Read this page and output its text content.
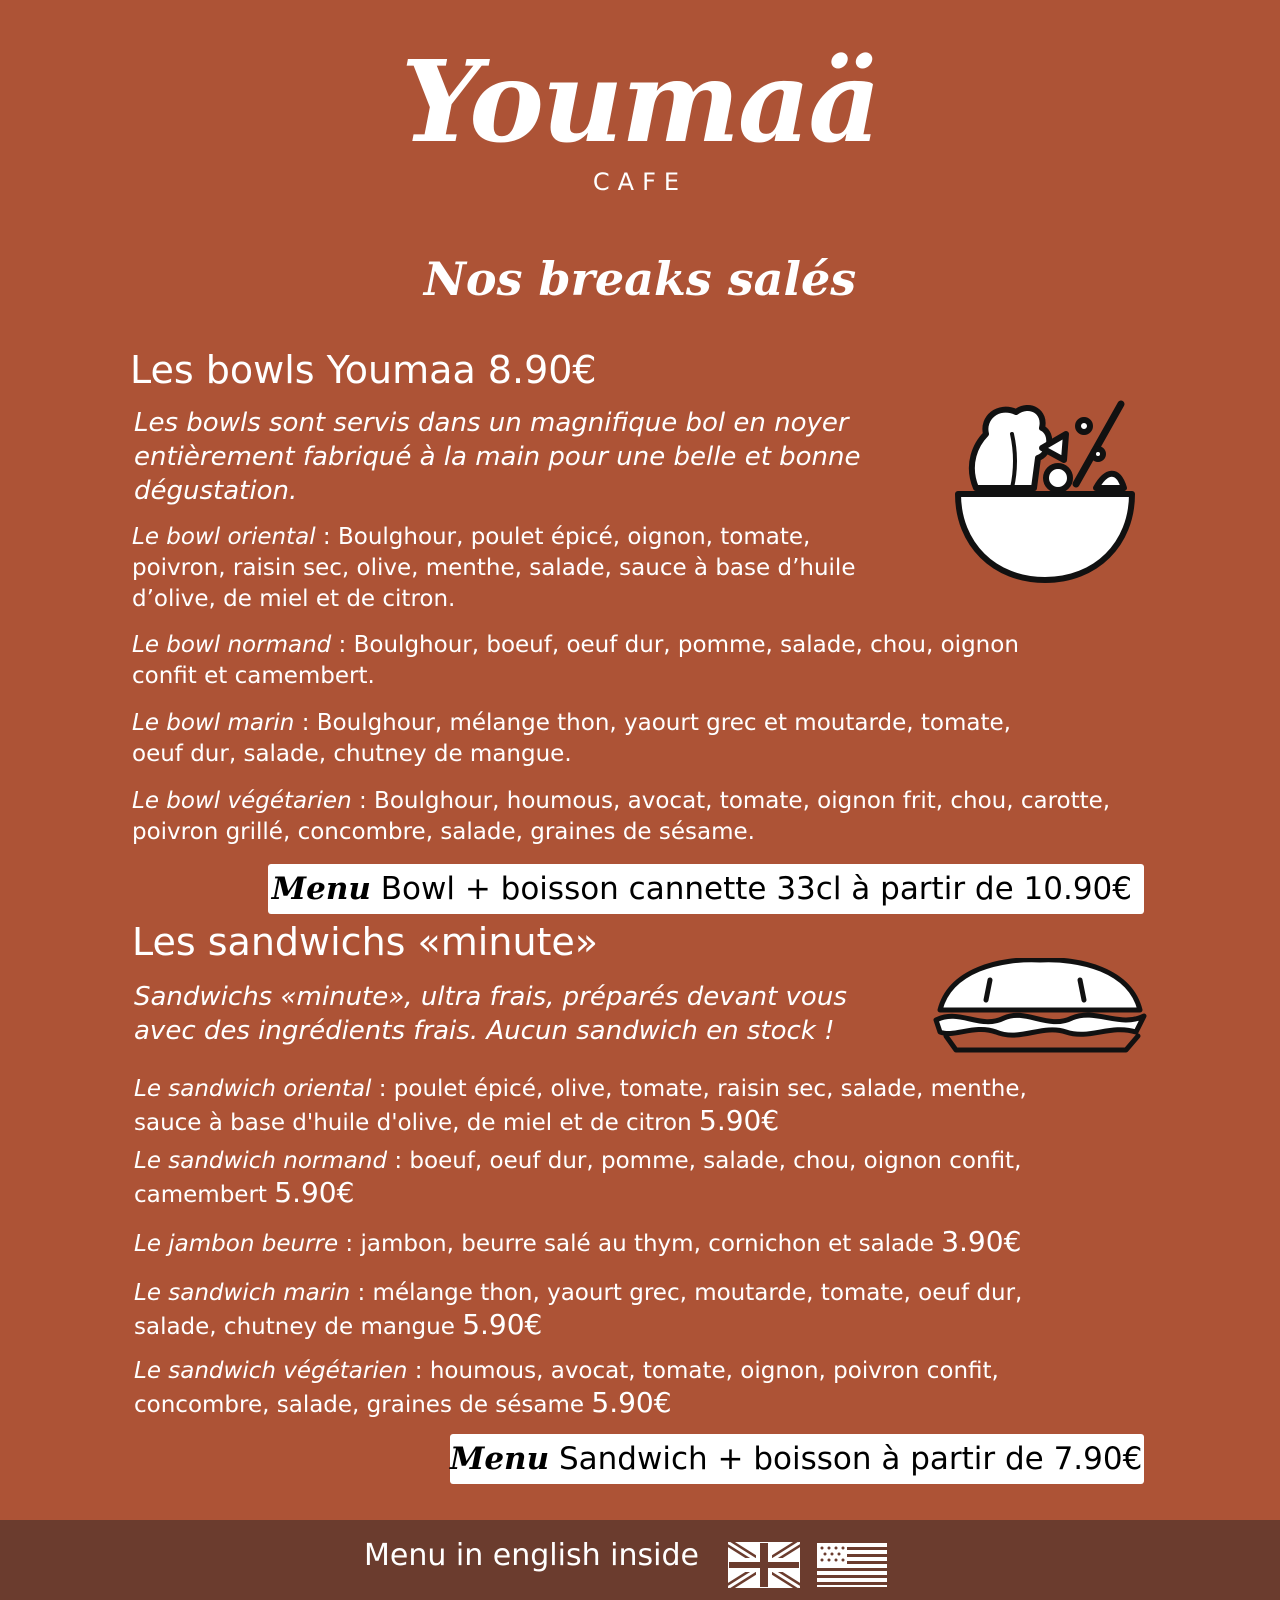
Youmaä
CAFE
Nos breaks salés
Les bowls Youmaa 8.90€
Les bowls sont servis dans un magnifique bol en noyer
entièrement fabriqué à la main pour une belle et bonne
dégustation.
Le bowl oriental : Boulghour, poulet épicé, oignon, tomate,
poivron, raisin sec, olive, menthe, salade, sauce à base d’huile
d’olive, de miel et de citron.
Le bowl normand : Boulghour, boeuf, oeuf dur, pomme, salade, chou, oignon
confit et camembert.
Le bowl marin : Boulghour, mélange thon, yaourt grec et moutarde, tomate,
oeuf dur, salade, chutney de mangue.
Le bowl végétarien : Boulghour, houmous, avocat, tomate, oignon frit, chou, carotte,
poivron grillé, concombre, salade, graines de sésame.
Menu Bowl + boisson cannette 33cl à partir de 10.90€
Les sandwichs «minute»
Sandwichs «minute», ultra frais, préparés devant vous
avec des ingrédients frais. Aucun sandwich en stock !
Le sandwich oriental : poulet épicé, olive, tomate, raisin sec, salade, menthe,
sauce à base d'huile d'olive, de miel et de citron 5.90€
Le sandwich normand : boeuf, oeuf dur, pomme, salade, chou, oignon confit,
camembert 5.90€
Le jambon beurre : jambon, beurre salé au thym, cornichon et salade 3.90€
Le sandwich marin : mélange thon, yaourt grec, moutarde, tomate, oeuf dur,
salade, chutney de mangue 5.90€
Le sandwich végétarien : houmous, avocat, tomate, oignon, poivron confit,
concombre, salade, graines de sésame 5.90€
Menu Sandwich + boisson à partir de 7.90€
Menu in english inside
